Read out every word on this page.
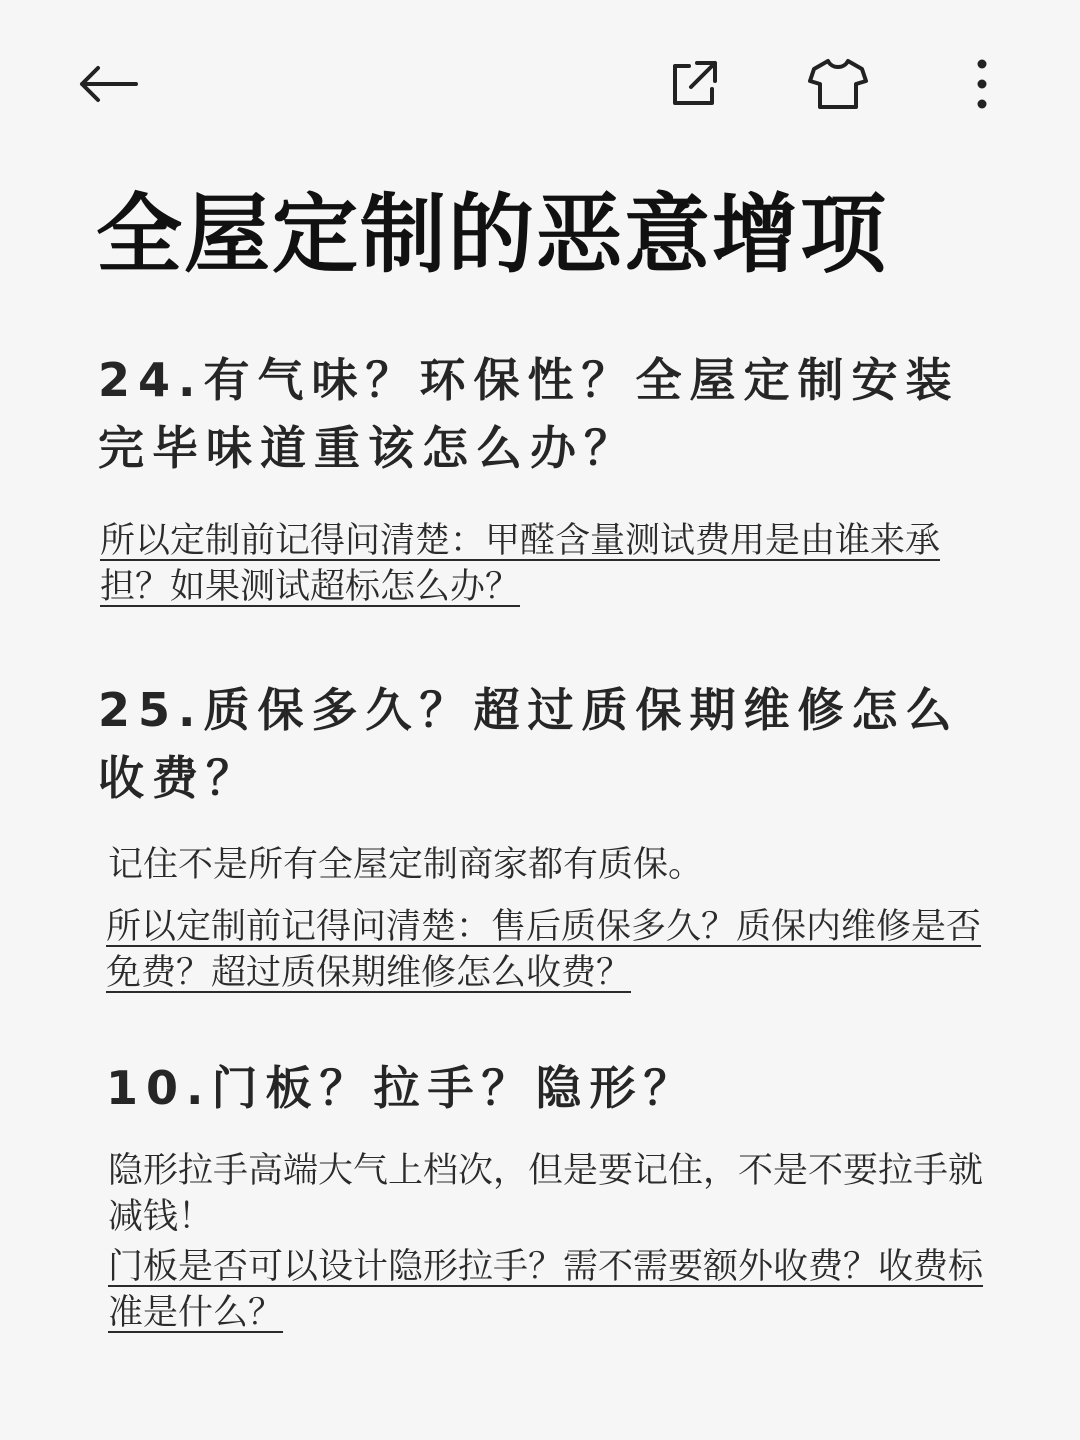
全屋定制的恶意增项
24.有气味？环保性？全屋定制安装完毕味道重该怎么办？
所以定制前记得问清楚：甲醛含量测试费用是由谁来承担？如果测试超标怎么办？
25.质保多久？超过质保期维修怎么收费？
记住不是所有全屋定制商家都有质保。
所以定制前记得问清楚：售后质保多久？质保内维修是否免费？超过质保期维修怎么收费？
10.门板？拉手？隐形？
隐形拉手高端大气上档次，但是要记住，不是不要拉手就减钱！
门板是否可以设计隐形拉手？需不需要额外收费？收费标准是什么？
